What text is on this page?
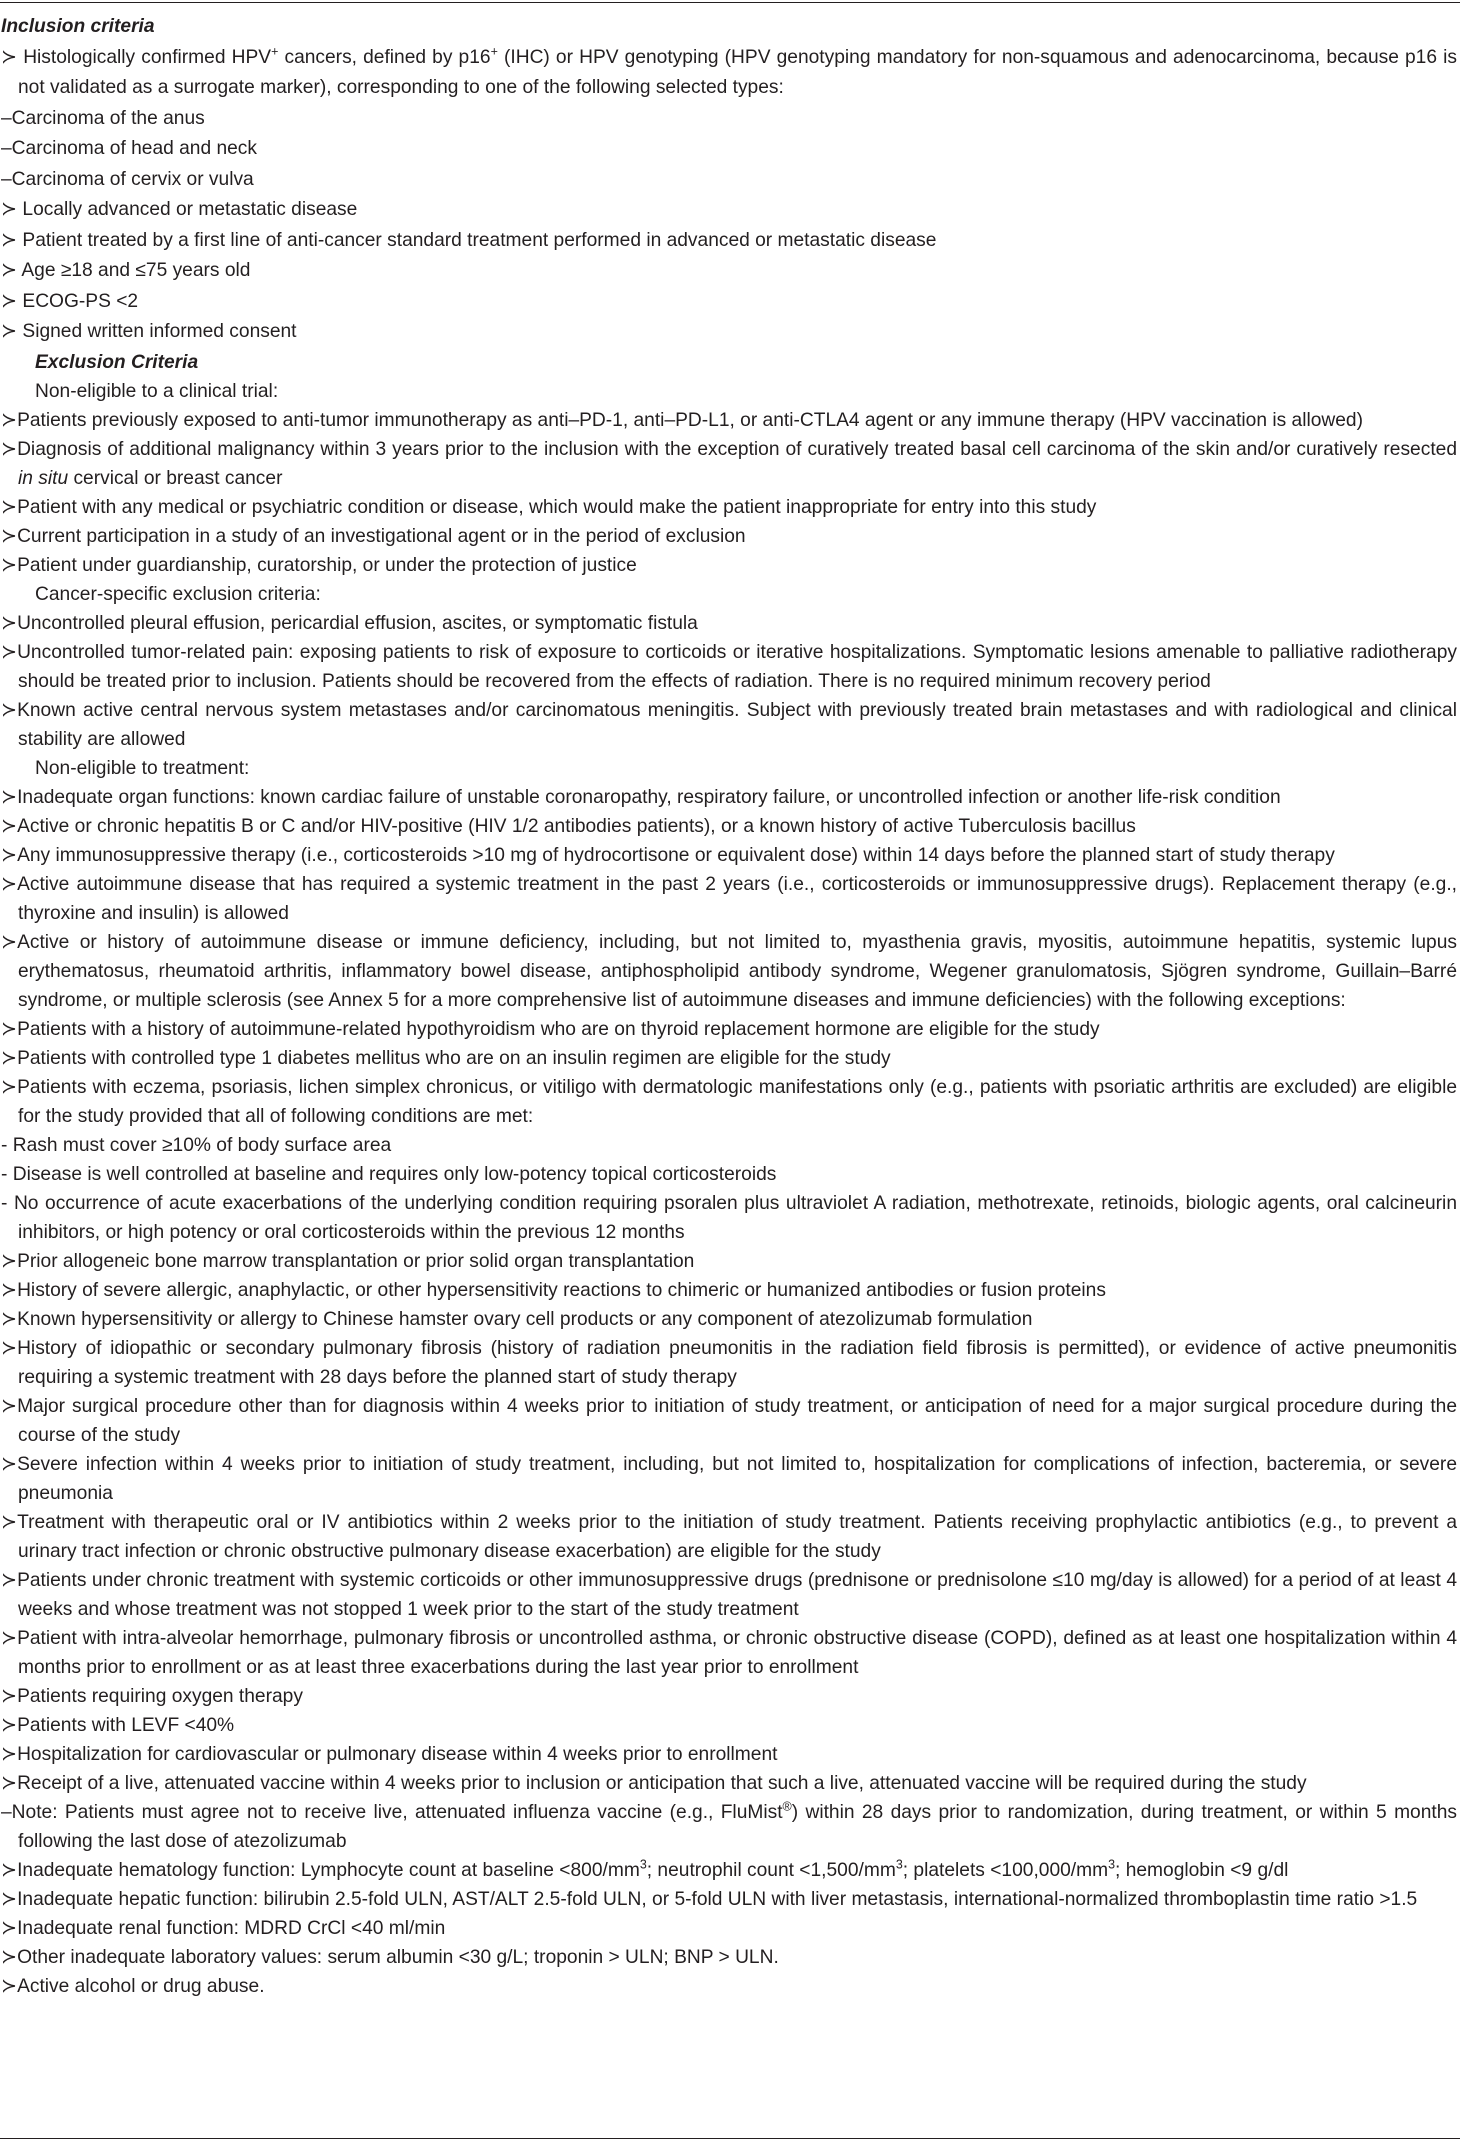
Inclusion criteria

≻ Histologically confirmed HPV+ cancers, defined by p16+ (IHC) or HPV genotyping (HPV genotyping mandatory for non-squamous and adenocarcinoma, because p16 is not validated as a surrogate marker), corresponding to one of the following selected types:

–Carcinoma of the anus

–Carcinoma of head and neck

–Carcinoma of cervix or vulva

≻ Locally advanced or metastatic disease

≻ Patient treated by a first line of anti-cancer standard treatment performed in advanced or metastatic disease

≻ Age ≥18 and ≤75 years old

≻ ECOG-PS <2

≻ Signed written informed consent

Exclusion Criteria

Non-eligible to a clinical trial:

≻Patients previously exposed to anti-tumor immunotherapy as anti–PD-1, anti–PD-L1, or anti-CTLA4 agent or any immune therapy (HPV vaccination is allowed)

≻Diagnosis of additional malignancy within 3 years prior to the inclusion with the exception of curatively treated basal cell carcinoma of the skin and/or curatively resected in situ cervical or breast cancer

≻Patient with any medical or psychiatric condition or disease, which would make the patient inappropriate for entry into this study

≻Current participation in a study of an investigational agent or in the period of exclusion

≻Patient under guardianship, curatorship, or under the protection of justice

Cancer-specific exclusion criteria:

≻Uncontrolled pleural effusion, pericardial effusion, ascites, or symptomatic fistula

≻Uncontrolled tumor-related pain: exposing patients to risk of exposure to corticoids or iterative hospitalizations. Symptomatic lesions amenable to palliative radiotherapy should be treated prior to inclusion. Patients should be recovered from the effects of radiation. There is no required minimum recovery period

≻Known active central nervous system metastases and/or carcinomatous meningitis. Subject with previously treated brain metastases and with radiological and clinical stability are allowed

Non-eligible to treatment:

≻Inadequate organ functions: known cardiac failure of unstable coronaropathy, respiratory failure, or uncontrolled infection or another life-risk condition

≻Active or chronic hepatitis B or C and/or HIV-positive (HIV 1/2 antibodies patients), or a known history of active Tuberculosis bacillus

≻Any immunosuppressive therapy (i.e., corticosteroids >10 mg of hydrocortisone or equivalent dose) within 14 days before the planned start of study therapy

≻Active autoimmune disease that has required a systemic treatment in the past 2 years (i.e., corticosteroids or immunosuppressive drugs). Replacement therapy (e.g., thyroxine and insulin) is allowed

≻Active or history of autoimmune disease or immune deficiency, including, but not limited to, myasthenia gravis, myositis, autoimmune hepatitis, systemic lupus erythematosus, rheumatoid arthritis, inflammatory bowel disease, antiphospholipid antibody syndrome, Wegener granulomatosis, Sjögren syndrome, Guillain–Barré syndrome, or multiple sclerosis (see Annex 5 for a more comprehensive list of autoimmune diseases and immune deficiencies) with the following exceptions:

≻Patients with a history of autoimmune-related hypothyroidism who are on thyroid replacement hormone are eligible for the study

≻Patients with controlled type 1 diabetes mellitus who are on an insulin regimen are eligible for the study

≻Patients with eczema, psoriasis, lichen simplex chronicus, or vitiligo with dermatologic manifestations only (e.g., patients with psoriatic arthritis are excluded) are eligible for the study provided that all of following conditions are met:

- Rash must cover ≥10% of body surface area

- Disease is well controlled at baseline and requires only low-potency topical corticosteroids

- No occurrence of acute exacerbations of the underlying condition requiring psoralen plus ultraviolet A radiation, methotrexate, retinoids, biologic agents, oral calcineurin inhibitors, or high potency or oral corticosteroids within the previous 12 months

≻Prior allogeneic bone marrow transplantation or prior solid organ transplantation

≻History of severe allergic, anaphylactic, or other hypersensitivity reactions to chimeric or humanized antibodies or fusion proteins

≻Known hypersensitivity or allergy to Chinese hamster ovary cell products or any component of atezolizumab formulation

≻History of idiopathic or secondary pulmonary fibrosis (history of radiation pneumonitis in the radiation field fibrosis is permitted), or evidence of active pneumonitis requiring a systemic treatment with 28 days before the planned start of study therapy

≻Major surgical procedure other than for diagnosis within 4 weeks prior to initiation of study treatment, or anticipation of need for a major surgical procedure during the course of the study

≻Severe infection within 4 weeks prior to initiation of study treatment, including, but not limited to, hospitalization for complications of infection, bacteremia, or severe pneumonia

≻Treatment with therapeutic oral or IV antibiotics within 2 weeks prior to the initiation of study treatment. Patients receiving prophylactic antibiotics (e.g., to prevent a urinary tract infection or chronic obstructive pulmonary disease exacerbation) are eligible for the study

≻Patients under chronic treatment with systemic corticoids or other immunosuppressive drugs (prednisone or prednisolone ≤10 mg/day is allowed) for a period of at least 4 weeks and whose treatment was not stopped 1 week prior to the start of the study treatment

≻Patient with intra-alveolar hemorrhage, pulmonary fibrosis or uncontrolled asthma, or chronic obstructive disease (COPD), defined as at least one hospitalization within 4 months prior to enrollment or as at least three exacerbations during the last year prior to enrollment

≻Patients requiring oxygen therapy

≻Patients with LEVF <40%

≻Hospitalization for cardiovascular or pulmonary disease within 4 weeks prior to enrollment

≻Receipt of a live, attenuated vaccine within 4 weeks prior to inclusion or anticipation that such a live, attenuated vaccine will be required during the study

–Note: Patients must agree not to receive live, attenuated influenza vaccine (e.g., FluMist®) within 28 days prior to randomization, during treatment, or within 5 months following the last dose of atezolizumab

≻Inadequate hematology function: Lymphocyte count at baseline $<800/mm^3$; neutrophil count $<1,500/mm^3$; platelets $<100,000/mm^3$; hemoglobin <9 g/dl

≻Inadequate hepatic function: bilirubin 2.5-fold ULN, AST/ALT 2.5-fold ULN, or 5-fold ULN with liver metastasis, international-normalized thromboplastin time ratio >1.5

≻Inadequate renal function: MDRD CrCl <40 ml/min

≻Other inadequate laboratory values: serum albumin <30 g/L; troponin > ULN; BNP > ULN.

≻Active alcohol or drug abuse.
